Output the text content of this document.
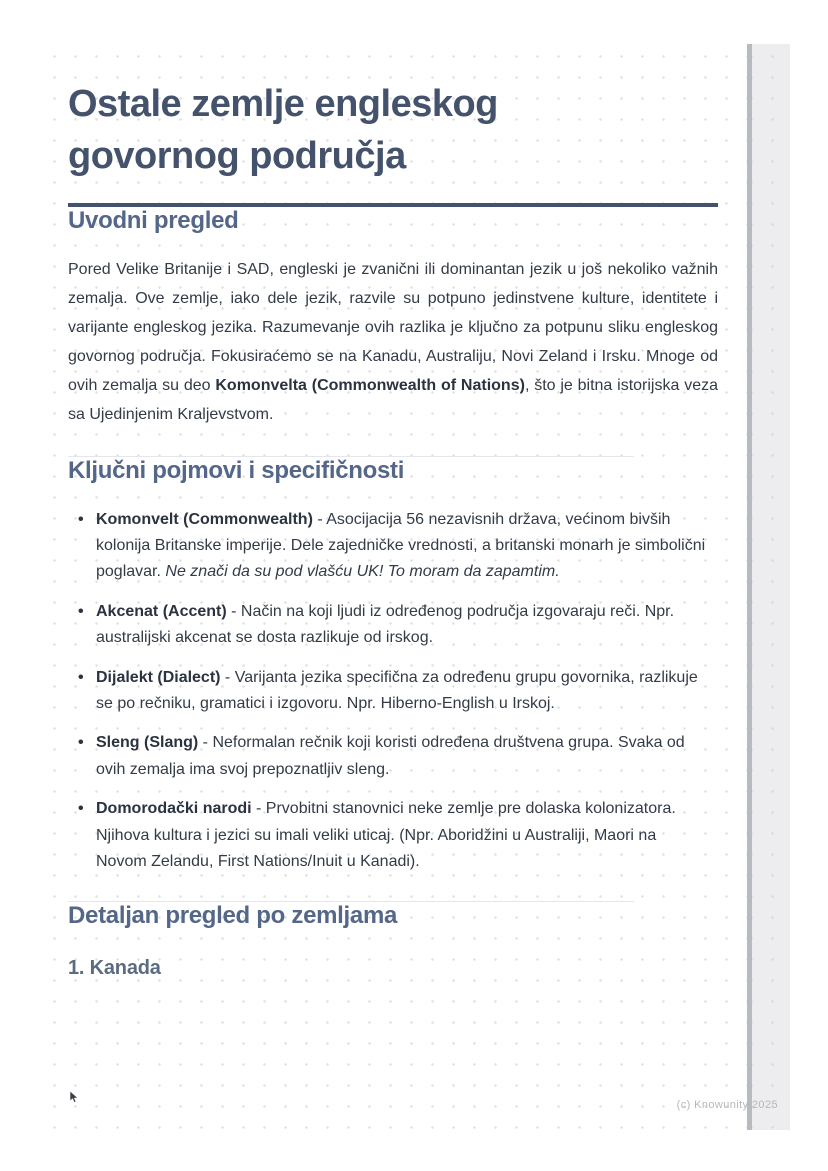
Ostale zemlje engleskog govornog područja
Uvodni pregled

Pored Velike Britanije i SAD, engleski je zvanični ili dominantan jezik u još nekoliko važnih zemalja. Ove zemlje, iako dele jezik, razvile su potpuno jedinstvene kulture, identitete i varijante engleskog jezika. Razumevanje ovih razlika je ključno za potpunu sliku engleskog govornog područja. Fokusiraćemo se na Kanadu, Australiju, Novi Zeland i Irsku. Mnoge od ovih zemalja su deo Komonvelta (Commonwealth of Nations), što je bitna istorijska veza sa Ujedinjenim Kraljevstvom.

Ključni pojmovi i specifičnosti
• Komonvelt (Commonwealth) - Asocijacija 56 nezavisnih država, većinom bivših kolonija Britanske imperije. Dele zajedničke vrednosti, a britanski monarh je simbolični poglavar. Ne znači da su pod vlašću UK! To moram da zapamtim.
• Akcenat (Accent) - Način na koji ljudi iz određenog područja izgovaraju reči. Npr. australijski akcenat se dosta razlikuje od irskog.
• Dijalekt (Dialect) - Varijanta jezika specifična za određenu grupu govornika, razlikuje se po rečniku, gramatici i izgovoru. Npr. Hiberno-English u Irskoj.
• Sleng (Slang) - Neformalan rečnik koji koristi određena društvena grupa. Svaka od ovih zemalja ima svoj prepoznatljiv sleng.
• Domorodački narodi - Prvobitni stanovnici neke zemlje pre dolaska kolonizatora. Njihova kultura i jezici su imali veliki uticaj. (Npr. Aboridžini u Australiji, Maori na Novom Zelandu, First Nations/Inuit u Kanadi).
Detaljan pregled po zemljama
1. Kanada
(c) Knowunity 2025
